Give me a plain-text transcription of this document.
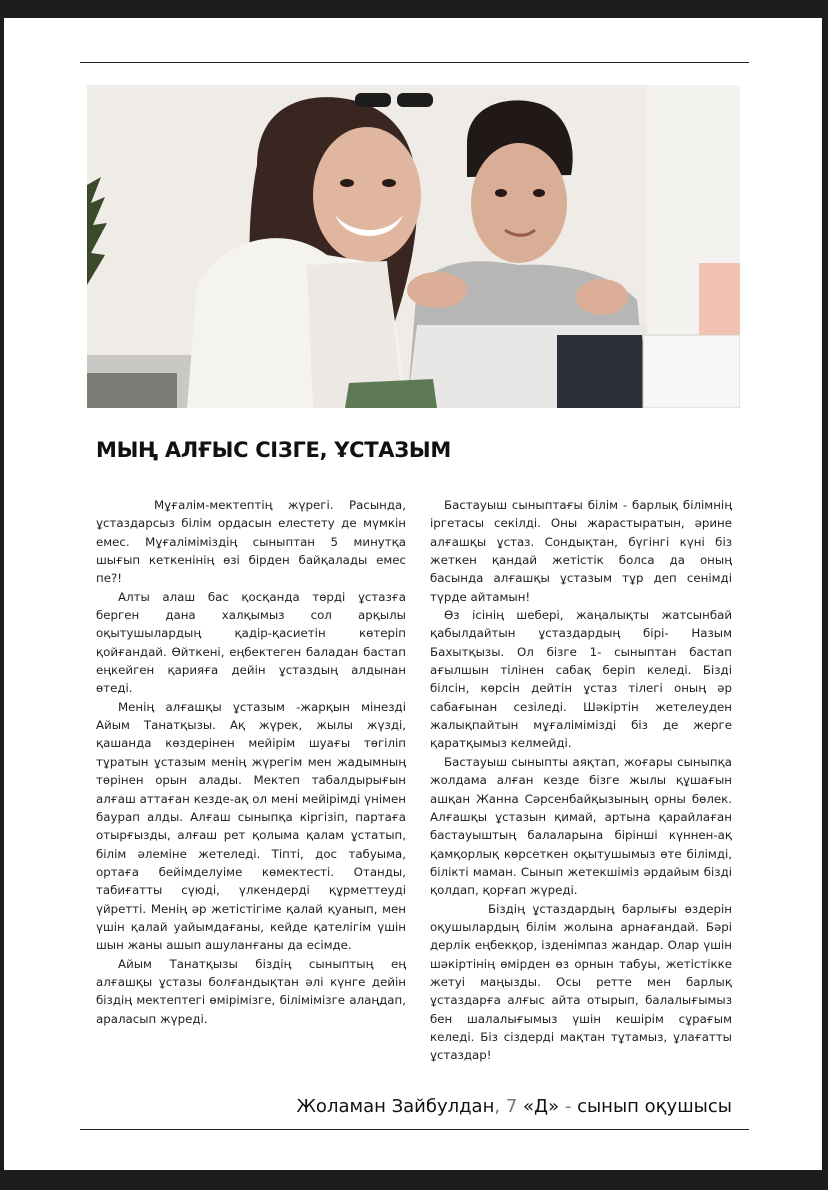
МЫҢ АЛҒЫС СІЗГЕ, ҰСТАЗЫМ

Мұғалім-мектептің жүрегі. Расында, ұстаздарсыз білім ордасын елестету де мүмкін емес. Мұғалімімiздің сыныптан 5 минутқа шығып кеткенінің өзі бірден байқалады емес пе?!

Алты алаш бас қосқанда төрді ұстазға берген дана халқымыз сол арқылы оқытушылардың қадір-қасиетін көтеріп қойғандай. Өйткені, еңбектеген баладан бастап еңкейген қарияға дейін ұстаздың алдынан өтеді.

Менің алғашқы ұстазым -жарқын мінезді Айым Танатқызы. Ақ жүрек, жылы жүзді, қашанда көздерінен мейірім шуағы төгіліп тұратын ұстазым менің жүрегім мен жадымның төрінен орын алады. Мектеп табалдырығын алғаш аттаған кезде-ақ ол мені мейірімді үнімен баурап алды. Алғаш сыныпқа кіргізіп, партаға отырғызды, алғаш рет қолыма қалам ұстатып, білім әлеміне жетеледі. Тіпті, дос табуыма, ортаға бейімделуіме көмектесті. Отанды, табиғатты сүюді, үлкендерді құрметтеуді үйретті. Менің әр жетістігіме қалай қуанып, мен үшін қалай уайымдағаны, кейде қателігім үшін шын жаны ашып ашуланғаны да есімде.

Айым Танатқызы біздің сыныптың ең алғашқы ұстазы болғандықтан әлі күнге дейін біздің мектептегі өмірімізге, білімімізге алаңдап, араласып жүреді.

Бастауыш сыныптағы білім - барлық білімнің іргетасы секілді. Оны жарастыратын, әрине алғашқы ұстаз. Сондықтан, бүгінгі күні біз жеткен қандай жетістік болса да оның басында алғашқы ұстазым тұр деп сенімді түрде айтамын!

Өз ісінің шебері, жаңалықты жатсынбай қабылдайтын ұстаздардың бірі- Назым Бахытқызы. Ол бізге 1- сыныптан бастап ағылшын тілінен сабақ беріп келеді. Бізді білсін, көрсін дейтін ұстаз тілегі оның әр сабағынан сезіледі. Шәкіртін жетелеуден жалықпайтын мұғалімімізді біз де жерге қаратқымыз келмейді.

Бастауыш сыныпты аяқтап, жоғары сыныпқа жолдама алған кезде бізге жылы құшағын ашқан Жанна Сәрсенбайқызының орны бөлек. Алғашқы ұстазын қимай, артына қарайлаған бастауыштың балаларына бірінші күннен-ақ қамқорлық көрсеткен оқытушымыз өте білімді, білікті маман. Сынып жетекшіміз әрдайым бізді қолдап, қорғап жүреді.

Біздің ұстаздардың барлығы өздерін оқушылардың білім жолына арнағандай. Бәрі дерлік еңбекқор, ізденімпаз жандар. Олар үшін шәкіртінің өмірден өз орнын табуы, жетістікке жетуі маңызды. Осы ретте мен барлық ұстаздарға алғыс айта отырып, балалығымыз бен шалалығымыз үшін кешірім сұрағым келеді. Біз сіздерді мақтан тұтамыз, ұлағатты ұстаздар!

Жоламан Зайбулдан, 7 «Д» - сынып оқушысы
